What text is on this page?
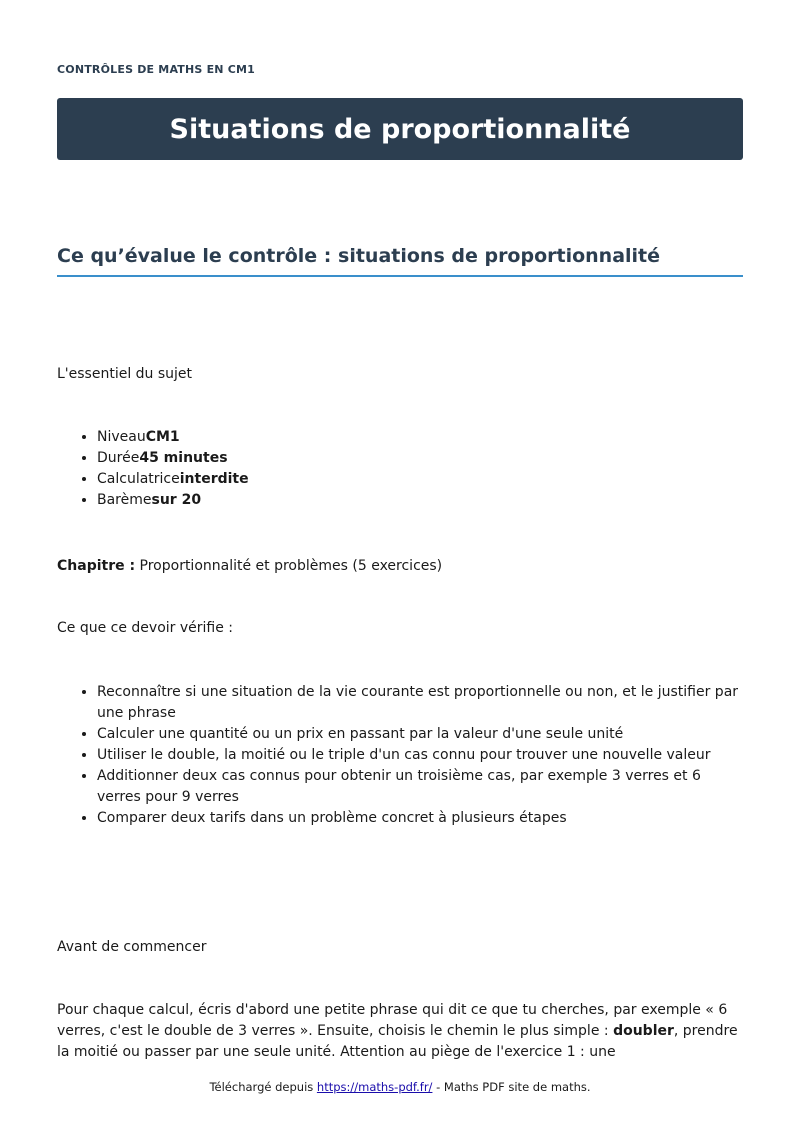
CONTRÔLES DE MATHS EN CM1
Situations de proportionnalité
Ce qu’évalue le contrôle : situations de proportionnalité

L'essentiel du sujet

• NiveauCM1
• Durée45 minutes
• Calculatriceinterdite
• Barèmesur 20

Chapitre : Proportionnalité et problèmes (5 exercices)

Ce que ce devoir vérifie :

• Reconnaître si une situation de la vie courante est proportionnelle ou non, et le justifier par une phrase
• Calculer une quantité ou un prix en passant par la valeur d'une seule unité
• Utiliser le double, la moitié ou le triple d'un cas connu pour trouver une nouvelle valeur
• Additionner deux cas connus pour obtenir un troisième cas, par exemple 3 verres et 6 verres pour 9 verres
• Comparer deux tarifs dans un problème concret à plusieurs étapes

Avant de commencer

Pour chaque calcul, écris d'abord une petite phrase qui dit ce que tu cherches, par exemple « 6 verres, c'est le double de 3 verres ». Ensuite, choisis le chemin le plus simple : doubler, prendre la moitié ou passer par une seule unité. Attention au piège de l'exercice 1 : une

Téléchargé depuis https://maths-pdf.fr/ - Maths PDF site de maths.
